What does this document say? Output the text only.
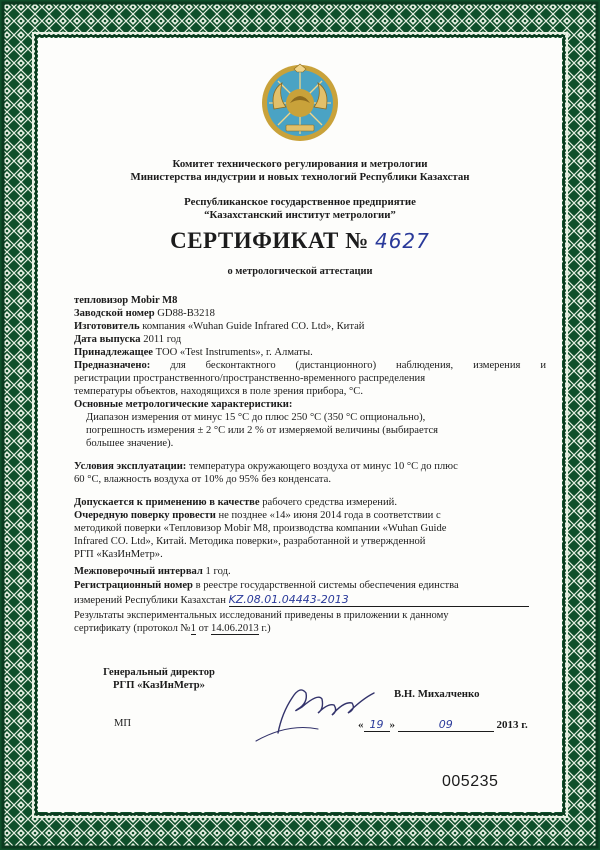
Комитет технического регулирования и метрологии
Министерства индустрии и новых технологий Республики Казахстан
Республиканское государственное предприятие
“Казахстанский институт метрологии”
СЕРТИФИКАТ № 4627
о метрологической аттестации
тепловизор Mobir M8
Заводской номер GD88-B3218
Изготовитель компания «Wuhan Guide Infrared CO. Ltd», Китай
Дата выпуска 2011 год
Принадлежащее ТОО «Test Instruments», г. Алматы.
Предназначено: для бесконтактного (дистанционного) наблюдения, измерения и
регистрации пространственного/пространственно-временного распределения
температуры объектов, находящихся в поле зрения прибора, °С.
Основные метрологические характеристики:
Диапазон измерения от минус 15 °С до плюс 250 °С (350 °С опционально),
погрешность измерения ± 2 °С или 2 % от измеряемой величины (выбирается
большее значение).
Условия эксплуатации: температура окружающего воздуха от минус 10 °С до плюс
60 °С, влажность воздуха от 10% до 95% без конденсата.
Допускается к применению в качестве рабочего средства измерений.
Очередную поверку провести не позднее «14» июня 2014 года в соответствии с
методикой поверки «Тепловизор Mobir M8, производства компании «Wuhan Guide
Infrared CO. Ltd», Китай. Методика поверки», разработанной и утвержденной
РГП «КазИнМетр».
Межповерочный интервал 1 год.
Регистрационный номер в реестре государственной системы обеспечения единства
измерений Республики Казахстан KZ.08.01.04443-2013
Результаты экспериментальных исследований приведены в приложении к данному
сертификату (протокол №1 от 14.06.2013 г.)
Генеральный директор
РГП «КазИнМетр»
В.Н. Михалченко
МП	« 19 »	09	2013 г.
005235
